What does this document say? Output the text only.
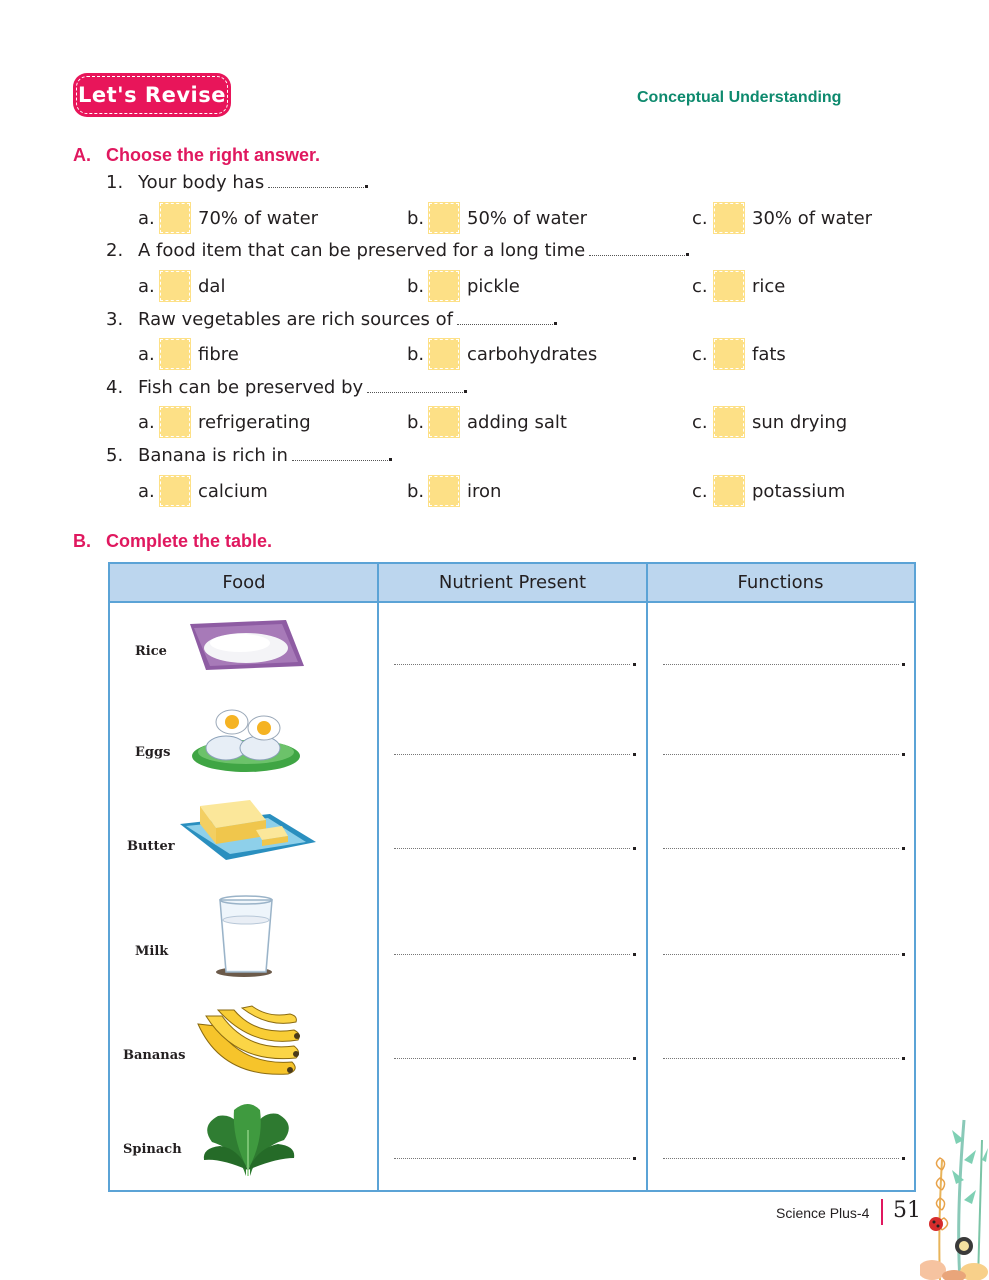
Let's Revise	Conceptual Understanding
A. Choose the right answer.
1. Your body has
a. 70% of water	b. 50% of water	c.	30% of water
2. A food item that can be preserved for a long time
a. dal	b. pickle	c.	rice
3. Raw vegetables are rich sources of
a. fibre	b. carbohydrates	c.	fats
4. Fish can be preserved by
a. refrigerating	b. adding salt	c.	sun drying
5. Banana is rich in
a. calcium	b. iron	c.	potassium
B. Complete the table.
Food	Nutrient Present	Functions
Rice
Eggs
Butter
Milk
Bananas
Spinach
Science Plus-4 51
